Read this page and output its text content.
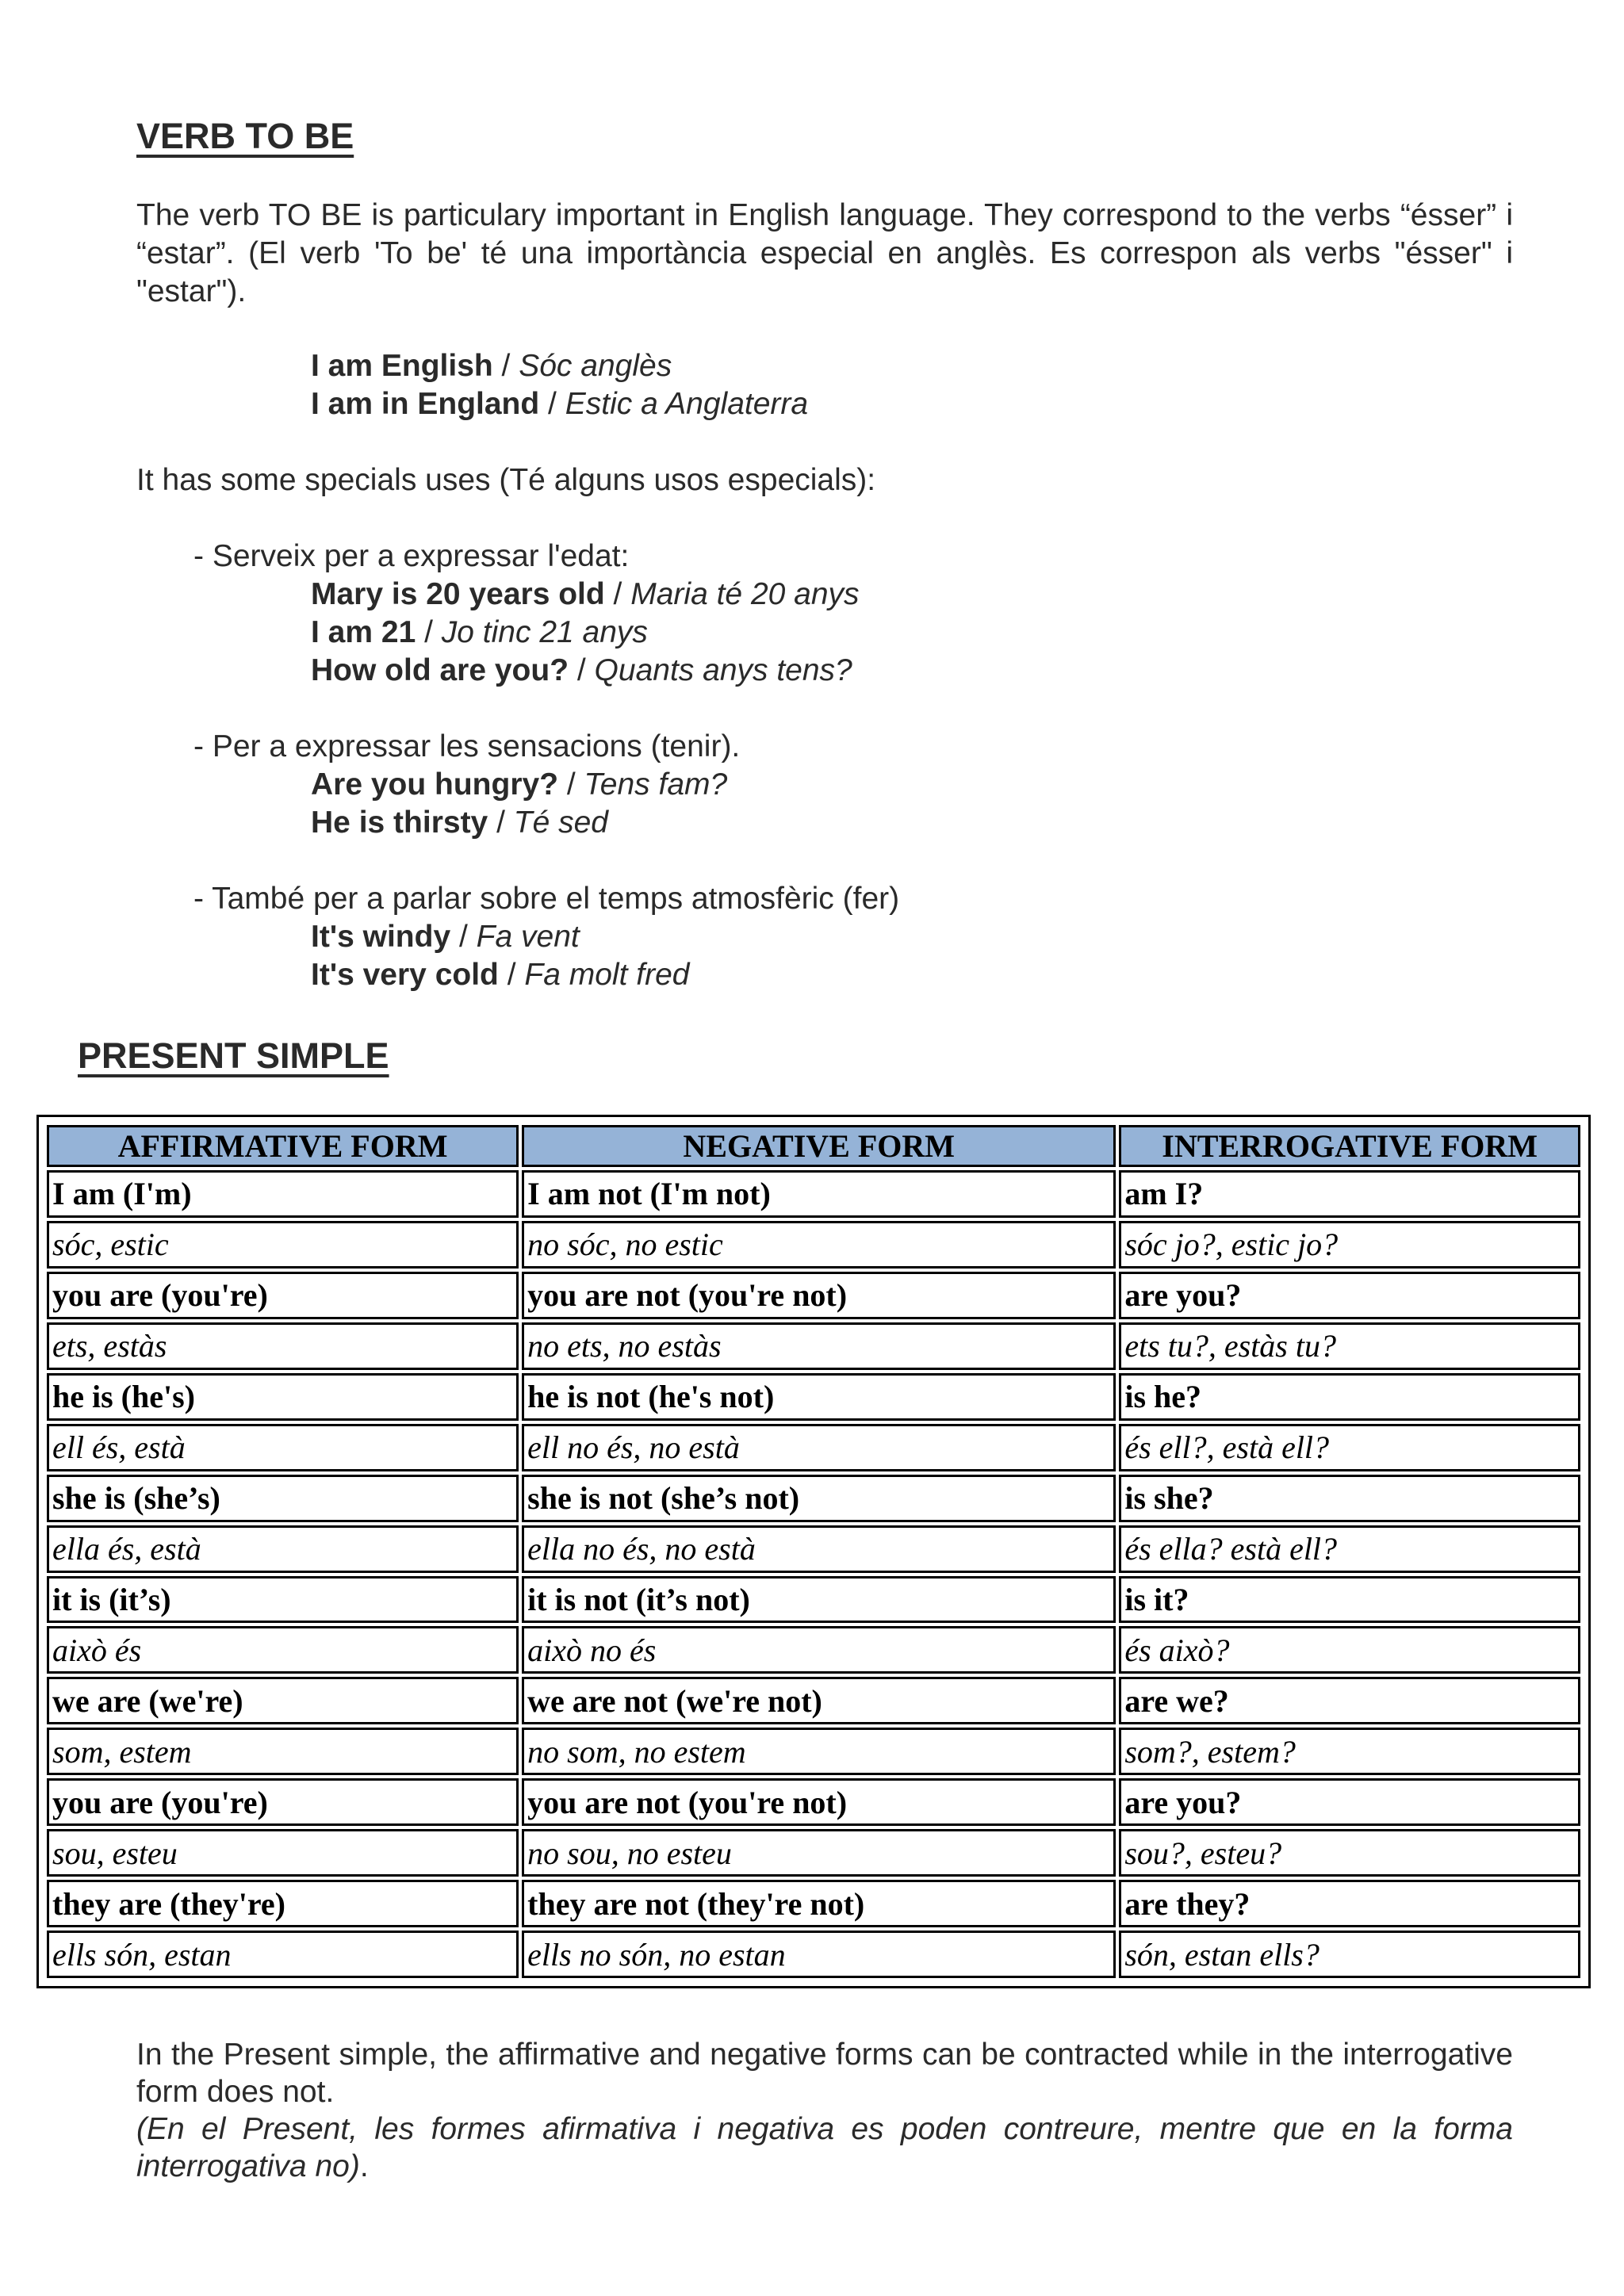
VERB TO BE
The verb TO BE is particulary important in English language. They correspond to the verbs “ésser” i “estar”. (El verb 'To be' té una importància especial en anglès. Es correspon als verbs "ésser" i "estar").
I am English / Sóc anglès
I am in England / Estic a Anglaterra
It has some specials uses (Té alguns usos especials):
- Serveix per a expressar l'edat:
Mary is 20 years old / Maria té 20 anys
I am 21 / Jo tinc 21 anys
How old are you? / Quants anys tens?
- Per a expressar les sensacions (tenir).
Are you hungry? / Tens fam?
He is thirsty / Té sed
- També per a parlar sobre el temps atmosfèric (fer)
It's windy / Fa vent
It's very cold / Fa molt fred
PRESENT SIMPLE
AFFIRMATIVE FORM	NEGATIVE FORM	INTERROGATIVE FORM
I am (I'm)	I am not (I'm not)	am I?
sóc, estic	no sóc, no estic	sóc jo?, estic jo?
you are (you're)	you are not (you're not)	are you?
ets, estàs	no ets, no estàs	ets tu?, estàs tu?
he is (he's)	he is not (he's not)	is he?
ell és, està	ell no és, no està	és ell?, està ell?
she is (she’s)	she is not (she’s not)	is she?
ella és, està	ella no és, no està	és ella? està ell?
it is (it’s)	it is not (it’s not)	is it?
això és	això no és	és això?
we are (we're)	we are not (we're not)	are we?
som, estem	no som, no estem	som?, estem?
you are (you're)	you are not (you're not)	are you?
sou, esteu	no sou, no esteu	sou?, esteu?
they are (they're)	they are not (they're not)	are they?
ells són, estan	ells no són, no estan	són, estan ells?
In the Present simple, the affirmative and negative forms can be contracted while in the interrogative form does not.
(En el Present, les formes afirmativa i negativa es poden contreure, mentre que en la forma interrogativa no).
